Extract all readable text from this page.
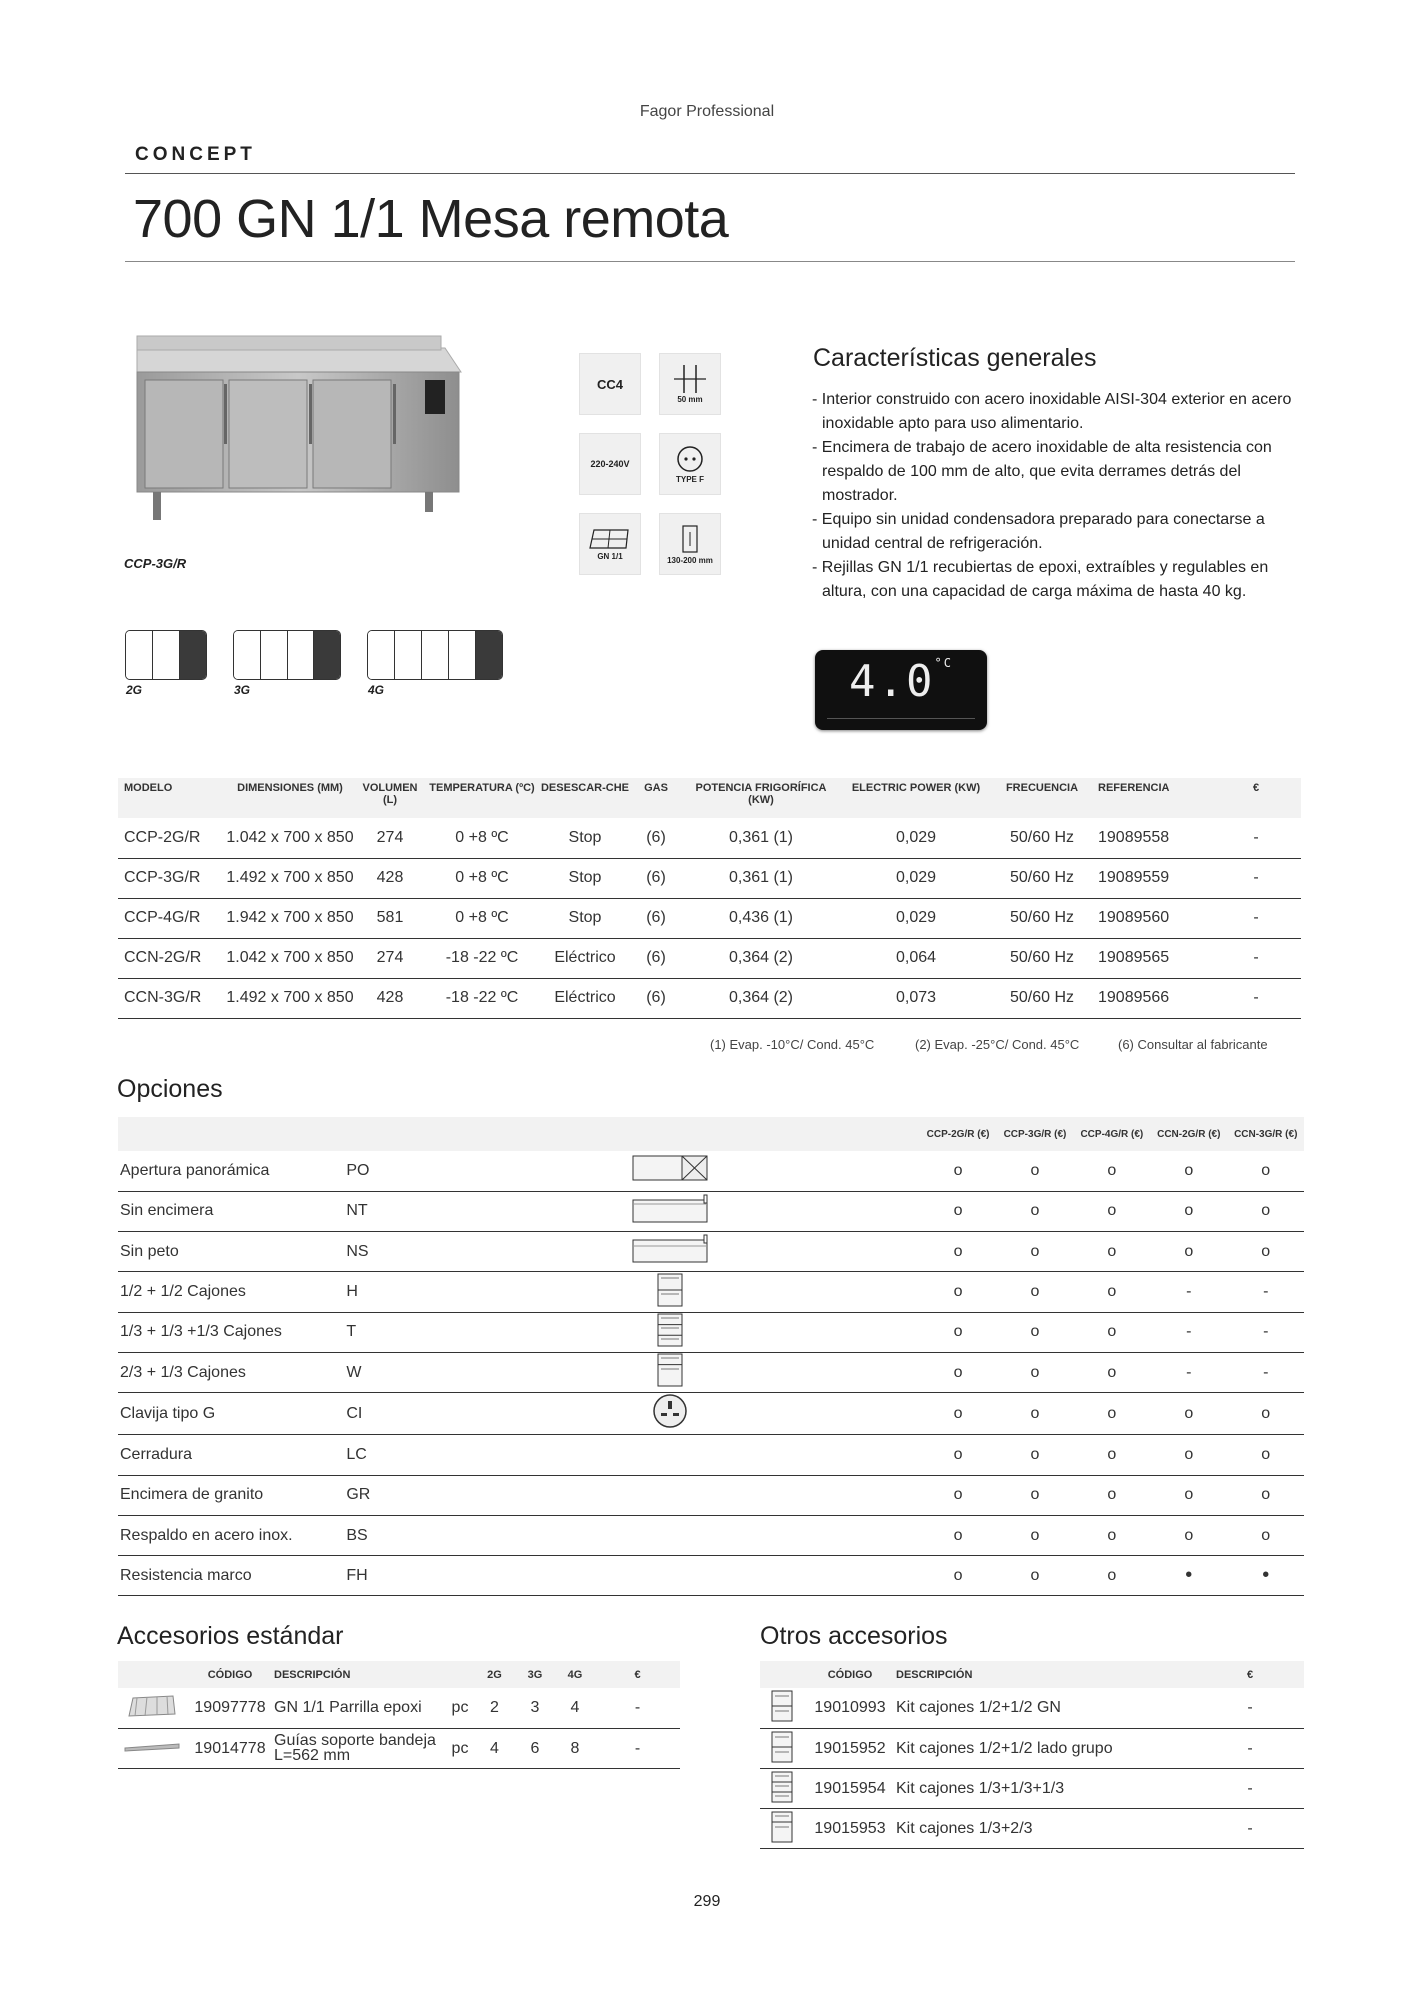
Fagor Professional
CONCEPT
700 GN 1/1 Mesa remota
CCP-3G/R
CC4
50 mm
220-240V
TYPE F
GN 1/1	130-200 mm
2G	3G	4G
Características generales
- Interior construido con acero inoxidable AISI-304 exterior en acero inoxidable apto para uso alimentario.
- Encimera de trabajo de acero inoxidable de alta resistencia con respaldo de 100 mm de alto, que evita derrames detrás del mostrador.
- Equipo sin unidad condensadora preparado para conectarse a unidad central de refrigeración.
- Rejillas GN 1/1 recubiertas de epoxi, extraíbles y regulables en altura, con una capacidad de carga máxima de hasta 40 kg.
$4.0^{^\circ C}$
MODELO	DIMENSIONES (MM)	VOLUMEN (L)	TEMPERATURA (ºC)	DESESCAR-CHE	GAS	POTENCIA FRIGORÍFICA (KW)	ELECTRIC POWER (KW)	FRECUENCIA	REFERENCIA	€
CCP-2G/R	1.042 x 700 x 850	274	0 +8 ºC	Stop	(6)	0,361 (1)	0,029	50/60 Hz	19089558	-
CCP-3G/R	1.492 x 700 x 850	428	0 +8 ºC	Stop	(6)	0,361 (1)	0,029	50/60 Hz	19089559	-
CCP-4G/R	1.942 x 700 x 850	581	0 +8 ºC	Stop	(6)	0,436 (1)	0,029	50/60 Hz	19089560	-
CCN-2G/R	1.042 x 700 x 850	274	-18 -22 ºC	Eléctrico	(6)	0,364 (2)	0,064	50/60 Hz	19089565	-
CCN-3G/R	1.492 x 700 x 850	428	-18 -22 ºC	Eléctrico	(6)	0,364 (2)	0,073	50/60 Hz	19089566	-
(1) Evap. -10°C/ Cond. 45°C	(2) Evap. -25°C/ Cond. 45°C	(6) Consultar al fabricante
Opciones
			CCP-2G/R (€)	CCP-3G/R (€)	CCP-4G/R (€)	CCN-2G/R (€)	CCN-3G/R (€)
Apertura panorámica	PO		o	o	o	o	o
Sin encimera	NT		o	o	o	o	o
Sin peto	NS		o	o	o	o	o
1/2 + 1/2 Cajones	H		o	o	o	-	-
1/3 + 1/3 +1/3 Cajones	T		o	o	o	-	-
2/3 + 1/3 Cajones	W		o	o	o	-	-
Clavija tipo G	CI		o	o	o	o	o
Cerradura	LC		o	o	o	o	o
Encimera de granito	GR		o	o	o	o	o
Respaldo en acero inox.	BS		o	o	o	o	o
Resistencia marco	FH		o	o	o	•	•
Accesorios estándar
	CÓDIGO	DESCRIPCIÓN		2G	3G	4G	€
	19097778	GN 1/1 Parrilla epoxi	pc	2	3	4	-
	19014778	Guías soporte bandeja L=562 mm	pc	4	6	8	-
Otros accesorios
	CÓDIGO	DESCRIPCIÓN	€
	19010993	Kit cajones 1/2+1/2 GN	-
	19015952	Kit cajones 1/2+1/2 lado grupo	-
	19015954	Kit cajones 1/3+1/3+1/3	-
	19015953	Kit cajones 1/3+2/3	-
299
